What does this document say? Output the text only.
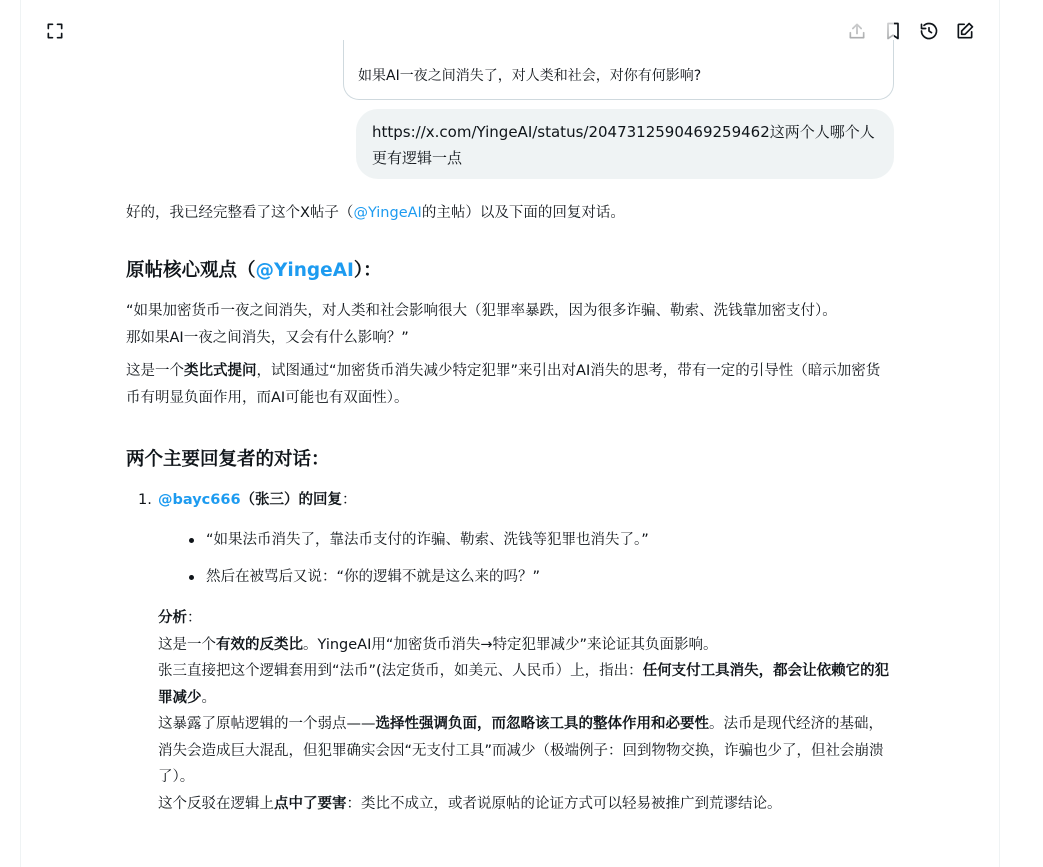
如果AI一夜之间消失了，对人类和社会，对你有何影响?
https://x.com/YingeAI/status/2047312590469259462这两个人哪个人更有逻辑一点

好的，我已经完整看了这个X帖子（@YingeAI的主帖）以及下面的回复对话。

原帖核心观点（@YingeAI）：

“如果加密货币一夜之间消失，对人类和社会影响很大（犯罪率暴跌，因为很多诈骗、勒索、洗钱靠加密支付）。

那如果AI一夜之间消失，又会有什么影响？”

这是一个类比式提问，试图通过“加密货币消失减少特定犯罪”来引出对AI消失的思考，带有一定的引导性（暗示加密货币有明显负面作用，而AI可能也有双面性）。

两个主要回复者的对话：
1. @bayc666（张三）的回复：
“如果法币消失了，靠法币支付的诈骗、勒索、洗钱等犯罪也消失了。”
然后在被骂后又说：“你的逻辑不就是这么来的吗？”

分析：

这是一个有效的反类比。YingeAI用“加密货币消失→特定犯罪减少”来论证其负面影响。

张三直接把这个逻辑套用到“法币”(法定货币，如美元、人民币）上，指出：任何支付工具消失，都会让依赖它的犯罪减少。

这暴露了原帖逻辑的一个弱点——选择性强调负面，而忽略该工具的整体作用和必要性。法币是现代经济的基础，消失会造成巨大混乱，但犯罪确实会因“无支付工具”而减少（极端例子：回到物物交换，诈骗也少了，但社会崩溃了）。

这个反驳在逻辑上点中了要害：类比不成立，或者说原帖的论证方式可以轻易被推广到荒谬结论。
